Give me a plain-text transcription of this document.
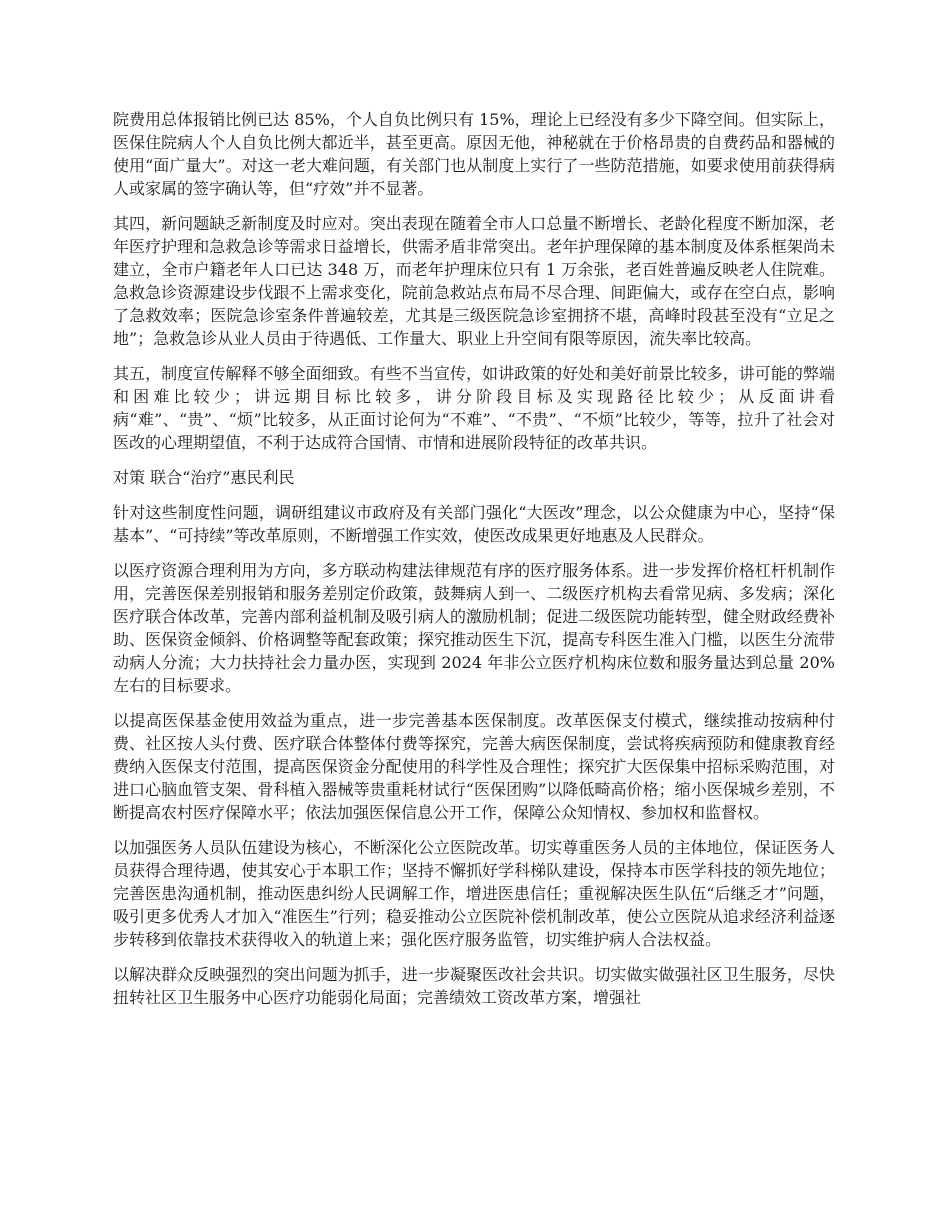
院费用总体报销比例已达 85%，个人自负比例只有 15%，理论上已经没有多少下降空间。但实际上，医保住院病人个人自负比例大都近半，甚至更高。原因无他，神秘就在于价格昂贵的自费药品和器械的使用“面广量大”。对这一老大难问题，有关部门也从制度上实行了一些防范措施，如要求使用前获得病人或家属的签字确认等，但“疗效”并不显著。

其四，新问题缺乏新制度及时应对。突出表现在随着全市人口总量不断增长、老龄化程度不断加深，老年医疗护理和急救急诊等需求日益增长，供需矛盾非常突出。老年护理保障的基本制度及体系框架尚未建立，全市户籍老年人口已达 348 万，而老年护理床位只有 1 万余张，老百姓普遍反映老人住院难。急救急诊资源建设步伐跟不上需求变化，院前急救站点布局不尽合理、间距偏大，或存在空白点，影响了急救效率；医院急诊室条件普遍较差，尤其是三级医院急诊室拥挤不堪，高峰时段甚至没有“立足之地”；急救急诊从业人员由于待遇低、工作量大、职业上升空间有限等原因，流失率比较高。

其五，制度宣传解释不够全面细致。有些不当宣传，如讲政策的好处和美好前景比较多，讲可能的弊端和困难比较少；讲远期目标比较多，讲分阶段目标及实现路径比较少；从反面讲看病“难”、“贵”、“烦”比较多，从正面讨论何为“不难”、“不贵”、“不烦”比较少，等等，拉升了社会对医改的心理期望值，不利于达成符合国情、市情和进展阶段特征的改革共识。

对策 联合“治疗”惠民利民

针对这些制度性问题，调研组建议市政府及有关部门强化“大医改”理念，以公众健康为中心，坚持“保基本”、“可持续”等改革原则，不断增强工作实效，使医改成果更好地惠及人民群众。

以医疗资源合理利用为方向，多方联动构建法律规范有序的医疗服务体系。进一步发挥价格杠杆机制作用，完善医保差别报销和服务差别定价政策，鼓舞病人到一、二级医疗机构去看常见病、多发病；深化医疗联合体改革，完善内部利益机制及吸引病人的激励机制；促进二级医院功能转型，健全财政经费补助、医保资金倾斜、价格调整等配套政策；探究推动医生下沉，提高专科医生准入门槛，以医生分流带动病人分流；大力扶持社会力量办医，实现到 2024 年非公立医疗机构床位数和服务量达到总量 20%左右的目标要求。

以提高医保基金使用效益为重点，进一步完善基本医保制度。改革医保支付模式，继续推动按病种付费、社区按人头付费、医疗联合体整体付费等探究，完善大病医保制度，尝试将疾病预防和健康教育经费纳入医保支付范围，提高医保资金分配使用的科学性及合理性；探究扩大医保集中招标采购范围，对进口心脑血管支架、骨科植入器械等贵重耗材试行“医保团购”以降低畸高价格；缩小医保城乡差别，不断提高农村医疗保障水平；依法加强医保信息公开工作，保障公众知情权、参加权和监督权。

以加强医务人员队伍建设为核心，不断深化公立医院改革。切实尊重医务人员的主体地位，保证医务人员获得合理待遇，使其安心于本职工作；坚持不懈抓好学科梯队建设，保持本市医学科技的领先地位；完善医患沟通机制，推动医患纠纷人民调解工作，增进医患信任；重视解决医生队伍“后继乏才”问题，吸引更多优秀人才加入“准医生”行列；稳妥推动公立医院补偿机制改革，使公立医院从追求经济利益逐步转移到依靠技术获得收入的轨道上来；强化医疗服务监管，切实维护病人合法权益。

以解决群众反映强烈的突出问题为抓手，进一步凝聚医改社会共识。切实做实做强社区卫生服务，尽快扭转社区卫生服务中心医疗功能弱化局面；完善绩效工资改革方案，增强社
